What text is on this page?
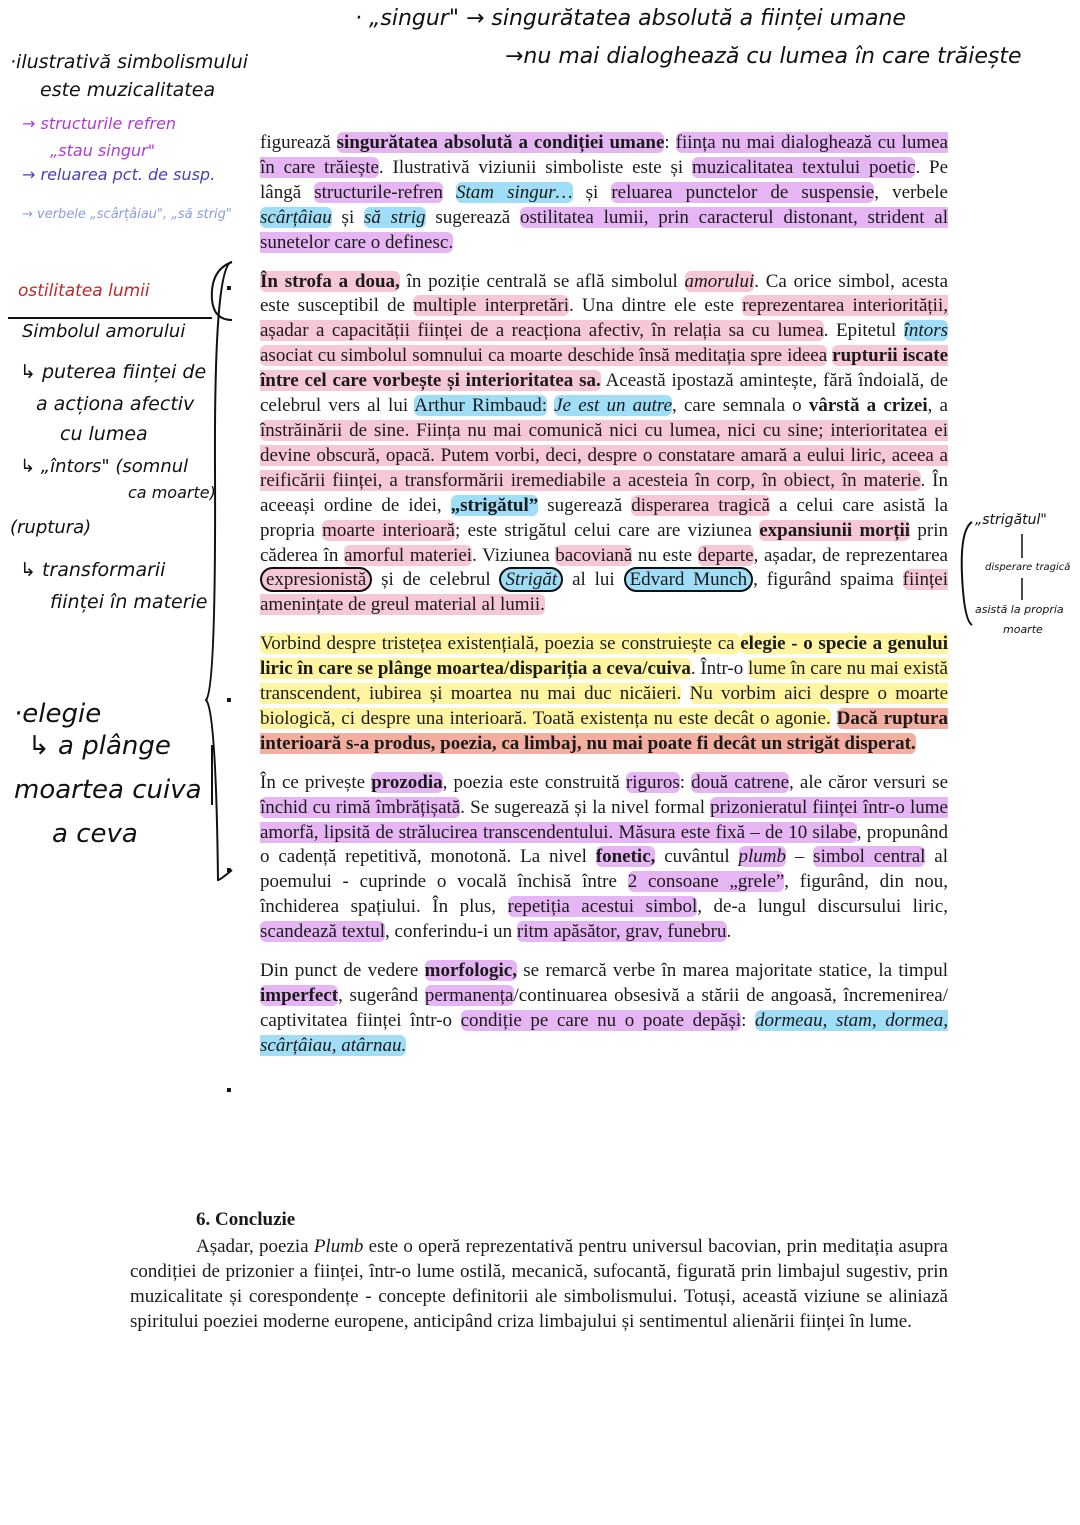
· „singur" → singurătatea absolută a ființei umane
→nu mai dialoghează cu lumea în care trăiește
·ilustrativă simbolismului
este muzicalitatea
→ structurile refren
„stau singur"
→ reluarea pct. de susp.
→ verbele „scârțâiau", „să strig"
ostilitatea lumii
Simbolul amorului
↳ puterea ființei de
a acționa afectiv
cu lumea
↳ „întors" (somnul
ca moarte)
(ruptura)
↳ transformarii
ființei în materie
·elegie
↳ a plânge
moartea cuiva
a ceva
„strigătul"
disperare tragică
asistă la propria
moarte
▪
▪
▪
▪

figurează singurătatea absolută a condiției umane: ființa nu mai dialoghează cu lumea în care trăiește. Ilustrativă viziunii simboliste este și muzicalitatea textului poetic. Pe lângă structurile-refren Stam singur… și reluarea punctelor de suspensie, verbele scârțâiau și să strig sugerează ostilitatea lumii, prin caracterul distonant, strident al sunetelor care o definesc.

În strofa a doua, în poziție centrală se află simbolul amorului. Ca orice simbol, acesta este susceptibil de multiple interpretări. Una dintre ele este reprezentarea interiorității, așadar a capacității ființei de a reacționa afectiv, în relația sa cu lumea. Epitetul întors asociat cu simbolul somnului ca moarte deschide însă meditația spre ideea rupturii iscate între cel care vorbește și interioritatea sa. Această ipostază amintește, fără îndoială, de celebrul vers al lui Arthur Rimbaud: Je est un autre, care semnala o vârstă a crizei, a înstrăinării de sine. Ființa nu mai comunică nici cu lumea, nici cu sine; interioritatea ei devine obscură, opacă. Putem vorbi, deci, despre o constatare amară a eului liric, aceea a reificării ființei, a transformării iremediabile a acesteia în corp, în obiect, în materie. În aceeași ordine de idei, „strigătul” sugerează disperarea tragică a celui care asistă la propria moarte interioară; este strigătul celui care are viziunea expansiunii morții prin căderea în amorful materiei. Viziunea bacoviană nu este departe, așadar, de reprezentarea expresionistă și de celebrul Strigăt al lui Edvard Munch , figurând spaima ființei amenințate de greul material al lumii.

Vorbind despre tristețea existențială, poezia se construiește ca elegie - o specie a genului liric în care se plânge moartea/dispariția a ceva/cuiva. Într-o lume în care nu mai există transcendent, iubirea și moartea nu mai duc nicăieri. Nu vorbim aici despre o moarte biologică, ci despre una interioară. Toată existența nu este decât o agonie. Dacă ruptura interioară s-a produs, poezia, ca limbaj, nu mai poate fi decât un strigăt disperat.

În ce privește prozodia, poezia este construită riguros: două catrene, ale căror versuri se închid cu rimă îmbrățișată. Se sugerează și la nivel formal prizonieratul ființei într-o lume amorfă, lipsită de strălucirea transcendentului. Măsura este fixă – de 10 silabe, propunând o cadență repetitivă, monotonă. La nivel fonetic, cuvântul plumb – simbol central al poemului - cuprinde o vocală închisă între 2 consoane „grele”, figurând, din nou, închiderea spațiului. În plus, repetiția acestui simbol, de-a lungul discursului liric, scandează textul, conferindu-i un ritm apăsător, grav, funebru.

Din punct de vedere morfologic, se remarcă verbe în marea majoritate statice, la timpul imperfect, sugerând permanența/continuarea obsesivă a stării de angoasă, încremenirea/ captivitatea ființei într-o condiție pe care nu o poate depăși: dormeau, stam, dormea, scârțâiau, atârnau.

6. Concluzie

Așadar, poezia Plumb este o operă reprezentativă pentru universul bacovian, prin meditația asupra condiției de prizonier a ființei, într-o lume ostilă, mecanică, sufocantă, figurată prin limbajul sugestiv, prin muzicalitate și corespondențe - concepte definitorii ale simbolismului. Totuși, această viziune se aliniază spiritului poeziei moderne europene, anticipând criza limbajului și sentimentul alienării ființei în lume.
